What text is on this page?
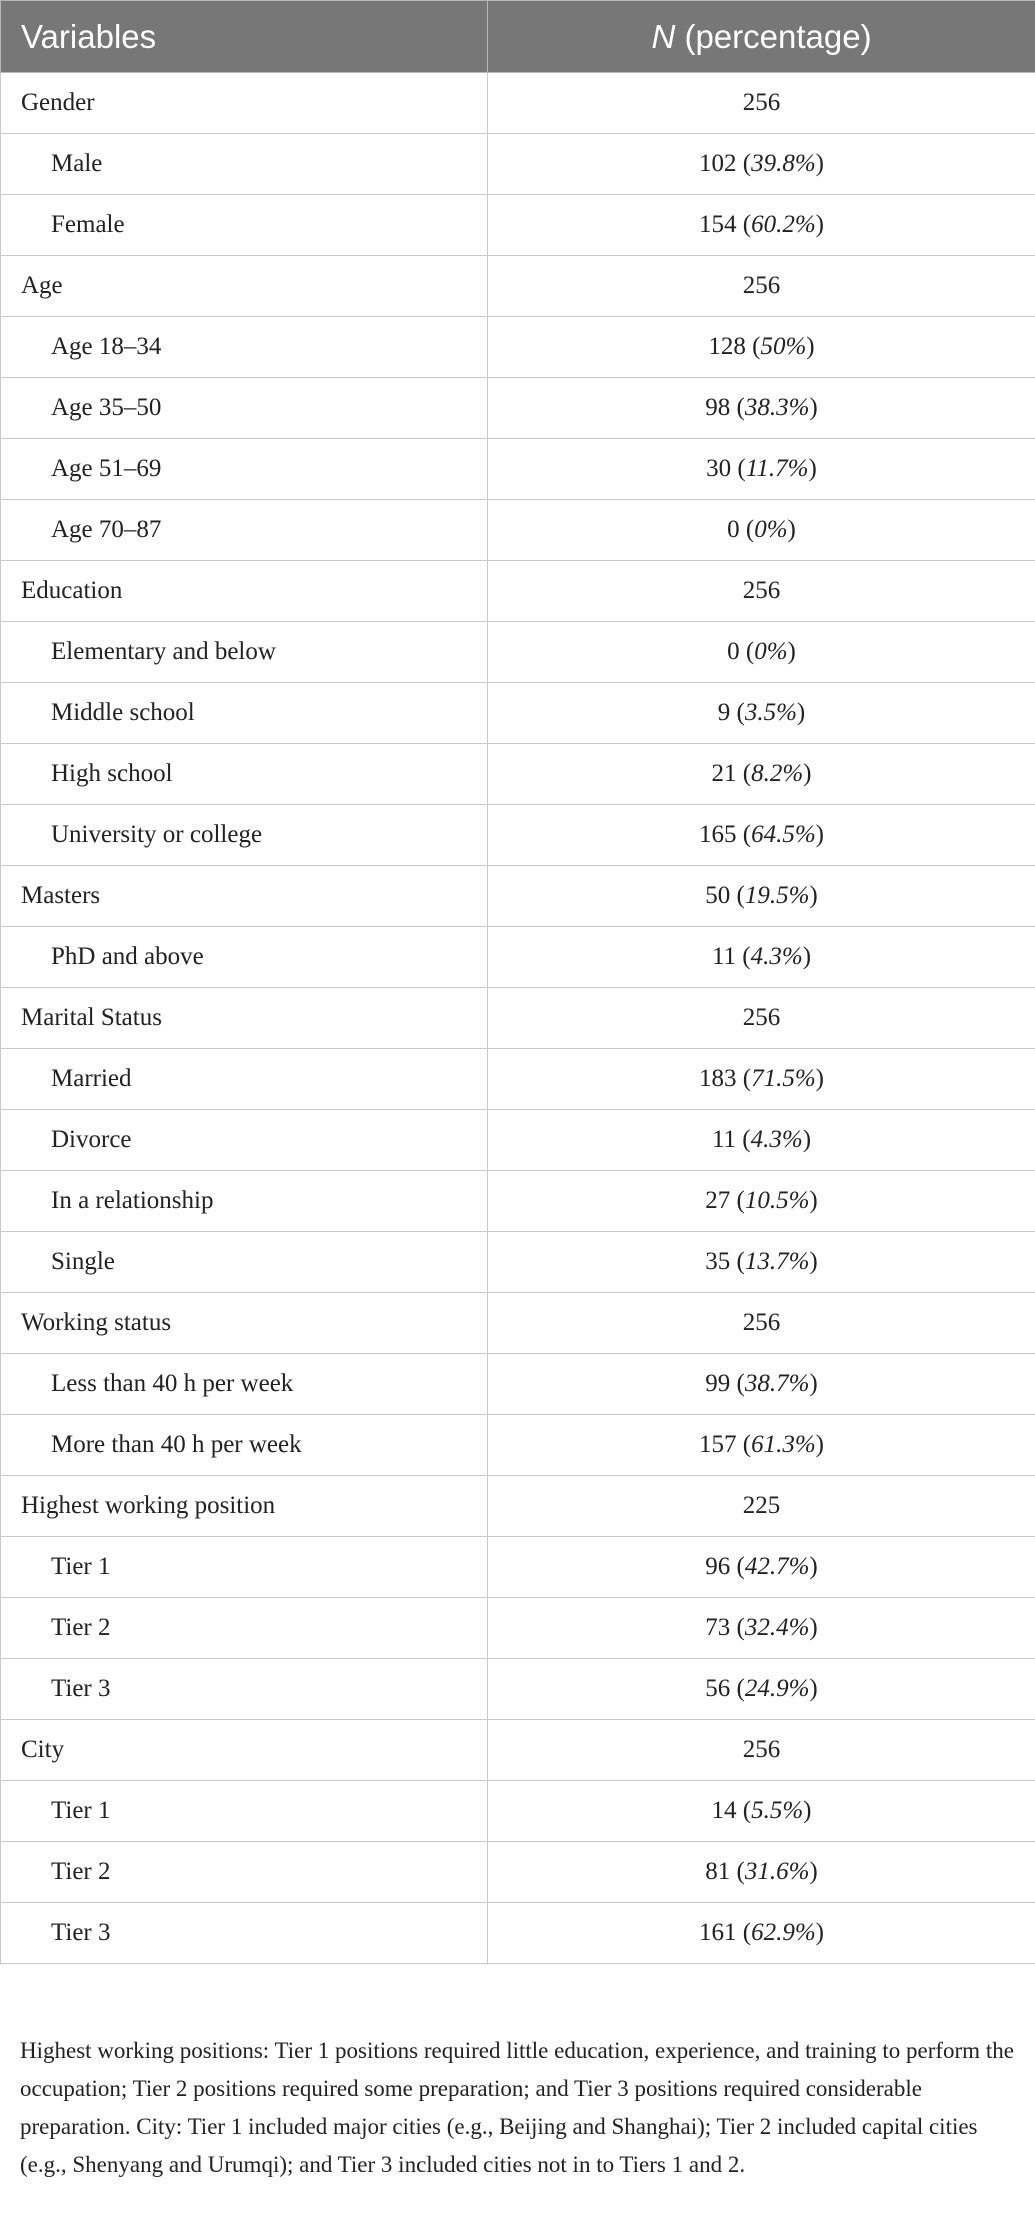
Variables	N (percentage)
Gender	256
Male	102 (39.8%)
Female	154 (60.2%)
Age	256
Age 18–34	128 (50%)
Age 35–50	98 (38.3%)
Age 51–69	30 (11.7%)
Age 70–87	0 (0%)
Education	256
Elementary and below	0 (0%)
Middle school	9 (3.5%)
High school	21 (8.2%)
University or college	165 (64.5%)
Masters	50 (19.5%)
PhD and above	11 (4.3%)
Marital Status	256
Married	183 (71.5%)
Divorce	11 (4.3%)
In a relationship	27 (10.5%)
Single	35 (13.7%)
Working status	256
Less than 40 h per week	99 (38.7%)
More than 40 h per week	157 (61.3%)
Highest working position	225
Tier 1	96 (42.7%)
Tier 2	73 (32.4%)
Tier 3	56 (24.9%)
City	256
Tier 1	14 (5.5%)
Tier 2	81 (31.6%)
Tier 3	161 (62.9%)
Highest working positions: Tier 1 positions required little education, experience, and training to perform the occupation; Tier 2 positions required some preparation; and Tier 3 positions required considerable preparation. City: Tier 1 included major cities (e.g., Beijing and Shanghai); Tier 2 included capital cities (e.g., Shenyang and Urumqi); and Tier 3 included cities not in to Tiers 1 and 2.
